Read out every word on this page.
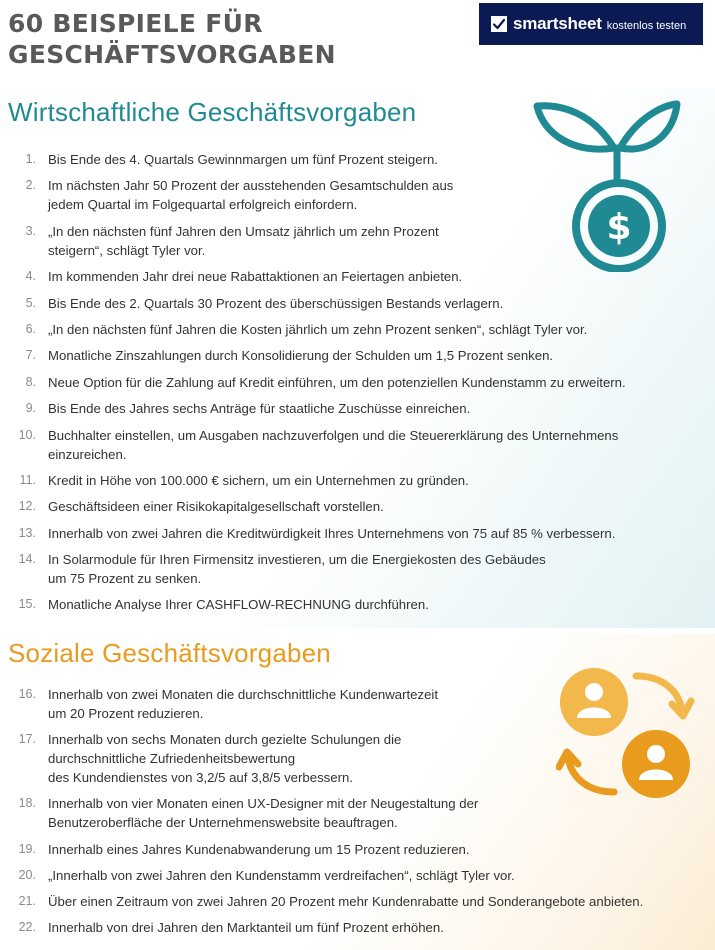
60 BEISPIELE FÜR
GESCHÄFTSVORGABEN
smartsheet kostenlos testen
Wirtschaftliche Geschäftsvorgaben
$
1. Bis Ende des 4. Quartals Gewinnmargen um fünf Prozent steigern.
2. Im nächsten Jahr 50 Prozent der ausstehenden Gesamtschulden aus
jedem Quartal im Folgequartal erfolgreich einfordern.
3. „In den nächsten fünf Jahren den Umsatz jährlich um zehn Prozent
steigern“, schlägt Tyler vor.
4. Im kommenden Jahr drei neue Rabattaktionen an Feiertagen anbieten.
5. Bis Ende des 2. Quartals 30 Prozent des überschüssigen Bestands verlagern.
6. „In den nächsten fünf Jahren die Kosten jährlich um zehn Prozent senken“, schlägt Tyler vor.
7. Monatliche Zinszahlungen durch Konsolidierung der Schulden um 1,5 Prozent senken.
8. Neue Option für die Zahlung auf Kredit einführen, um den potenziellen Kundenstamm zu erweitern.
9. Bis Ende des Jahres sechs Anträge für staatliche Zuschüsse einreichen.
10. Buchhalter einstellen, um Ausgaben nachzuverfolgen und die Steuererklärung des Unternehmens
einzureichen.
11. Kredit in Höhe von 100.000 € sichern, um ein Unternehmen zu gründen.
12. Geschäftsideen einer Risikokapitalgesellschaft vorstellen.
13. Innerhalb von zwei Jahren die Kreditwürdigkeit Ihres Unternehmens von 75 auf 85 % verbessern.
14. In Solarmodule für Ihren Firmensitz investieren, um die Energiekosten des Gebäudes
um 75 Prozent zu senken.
15. Monatliche Analyse Ihrer CASHFLOW-RECHNUNG durchführen.
Soziale Geschäftsvorgaben
16. Innerhalb von zwei Monaten die durchschnittliche Kundenwartezeit
um 20 Prozent reduzieren.
17. Innerhalb von sechs Monaten durch gezielte Schulungen die
durchschnittliche Zufriedenheitsbewertung
des Kundendienstes von 3,2/5 auf 3,8/5 verbessern.
18. Innerhalb von vier Monaten einen UX-Designer mit der Neugestaltung der
Benutzeroberfläche der Unternehmenswebsite beauftragen.
19. Innerhalb eines Jahres Kundenabwanderung um 15 Prozent reduzieren.
20. „Innerhalb von zwei Jahren den Kundenstamm verdreifachen“, schlägt Tyler vor.
21. Über einen Zeitraum von zwei Jahren 20 Prozent mehr Kundenrabatte und Sonderangebote anbieten.
22. Innerhalb von drei Jahren den Marktanteil um fünf Prozent erhöhen.
